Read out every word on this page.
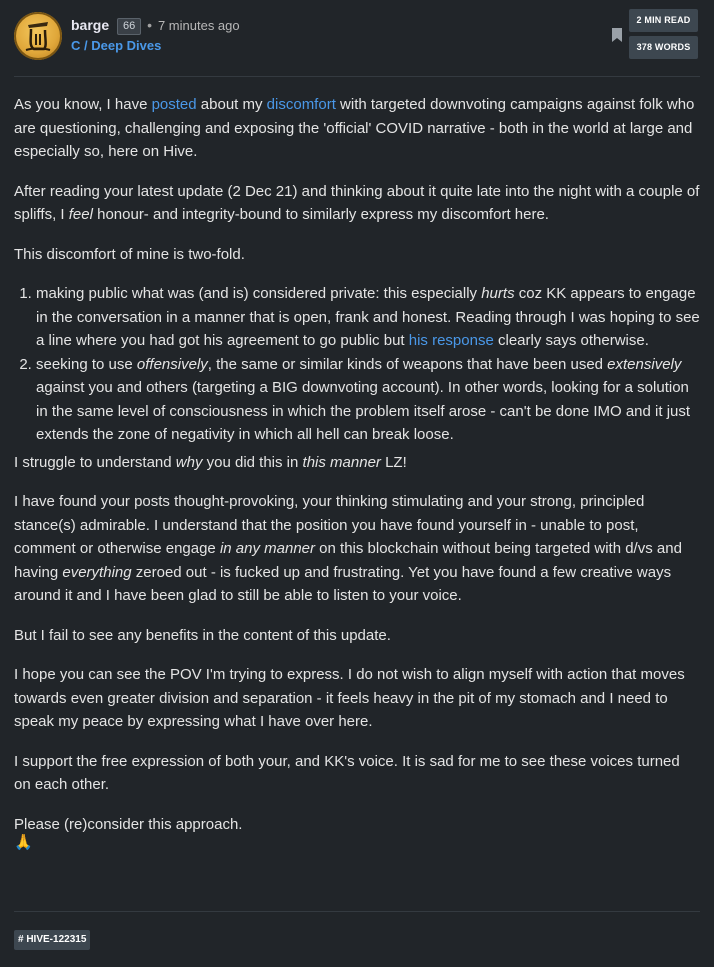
barge 66 • 7 minutes ago
C / Deep Dives
2 MIN READ
378 WORDS

As you know, I have posted about my discomfort with targeted downvoting campaigns against folk who are questioning, challenging and exposing the 'official' COVID narrative - both in the world at large and especially so, here on Hive.

After reading your latest update (2 Dec 21) and thinking about it quite late into the night with a couple of spliffs, I feel honour- and integrity-bound to similarly express my discomfort here.

This discomfort of mine is two-fold.

1. making public what was (and is) considered private: this especially hurts coz KK appears to engage in the conversation in a manner that is open, frank and honest. Reading through I was hoping to see a line where you had got his agreement to go public but his response clearly says otherwise.
2. seeking to use offensively, the same or similar kinds of weapons that have been used extensively against you and others (targeting a BIG downvoting account). In other words, looking for a solution in the same level of consciousness in which the problem itself arose - can't be done IMO and it just extends the zone of negativity in which all hell can break loose.

I struggle to understand why you did this in this manner LZ!

I have found your posts thought-provoking, your thinking stimulating and your strong, principled stance(s) admirable. I understand that the position you have found yourself in - unable to post, comment or otherwise engage in any manner on this blockchain without being targeted with d/vs and having everything zeroed out - is fucked up and frustrating. Yet you have found a few creative ways around it and I have been glad to still be able to listen to your voice.

But I fail to see any benefits in the content of this update.

I hope you can see the POV I'm trying to express. I do not wish to align myself with action that moves towards even greater division and separation - it feels heavy in the pit of my stomach and I need to speak my peace by expressing what I have over here.

I support the free expression of both your, and KK's voice. It is sad for me to see these voices turned on each other.

Please (re)consider this approach.
🙏

# HIVE-122315
